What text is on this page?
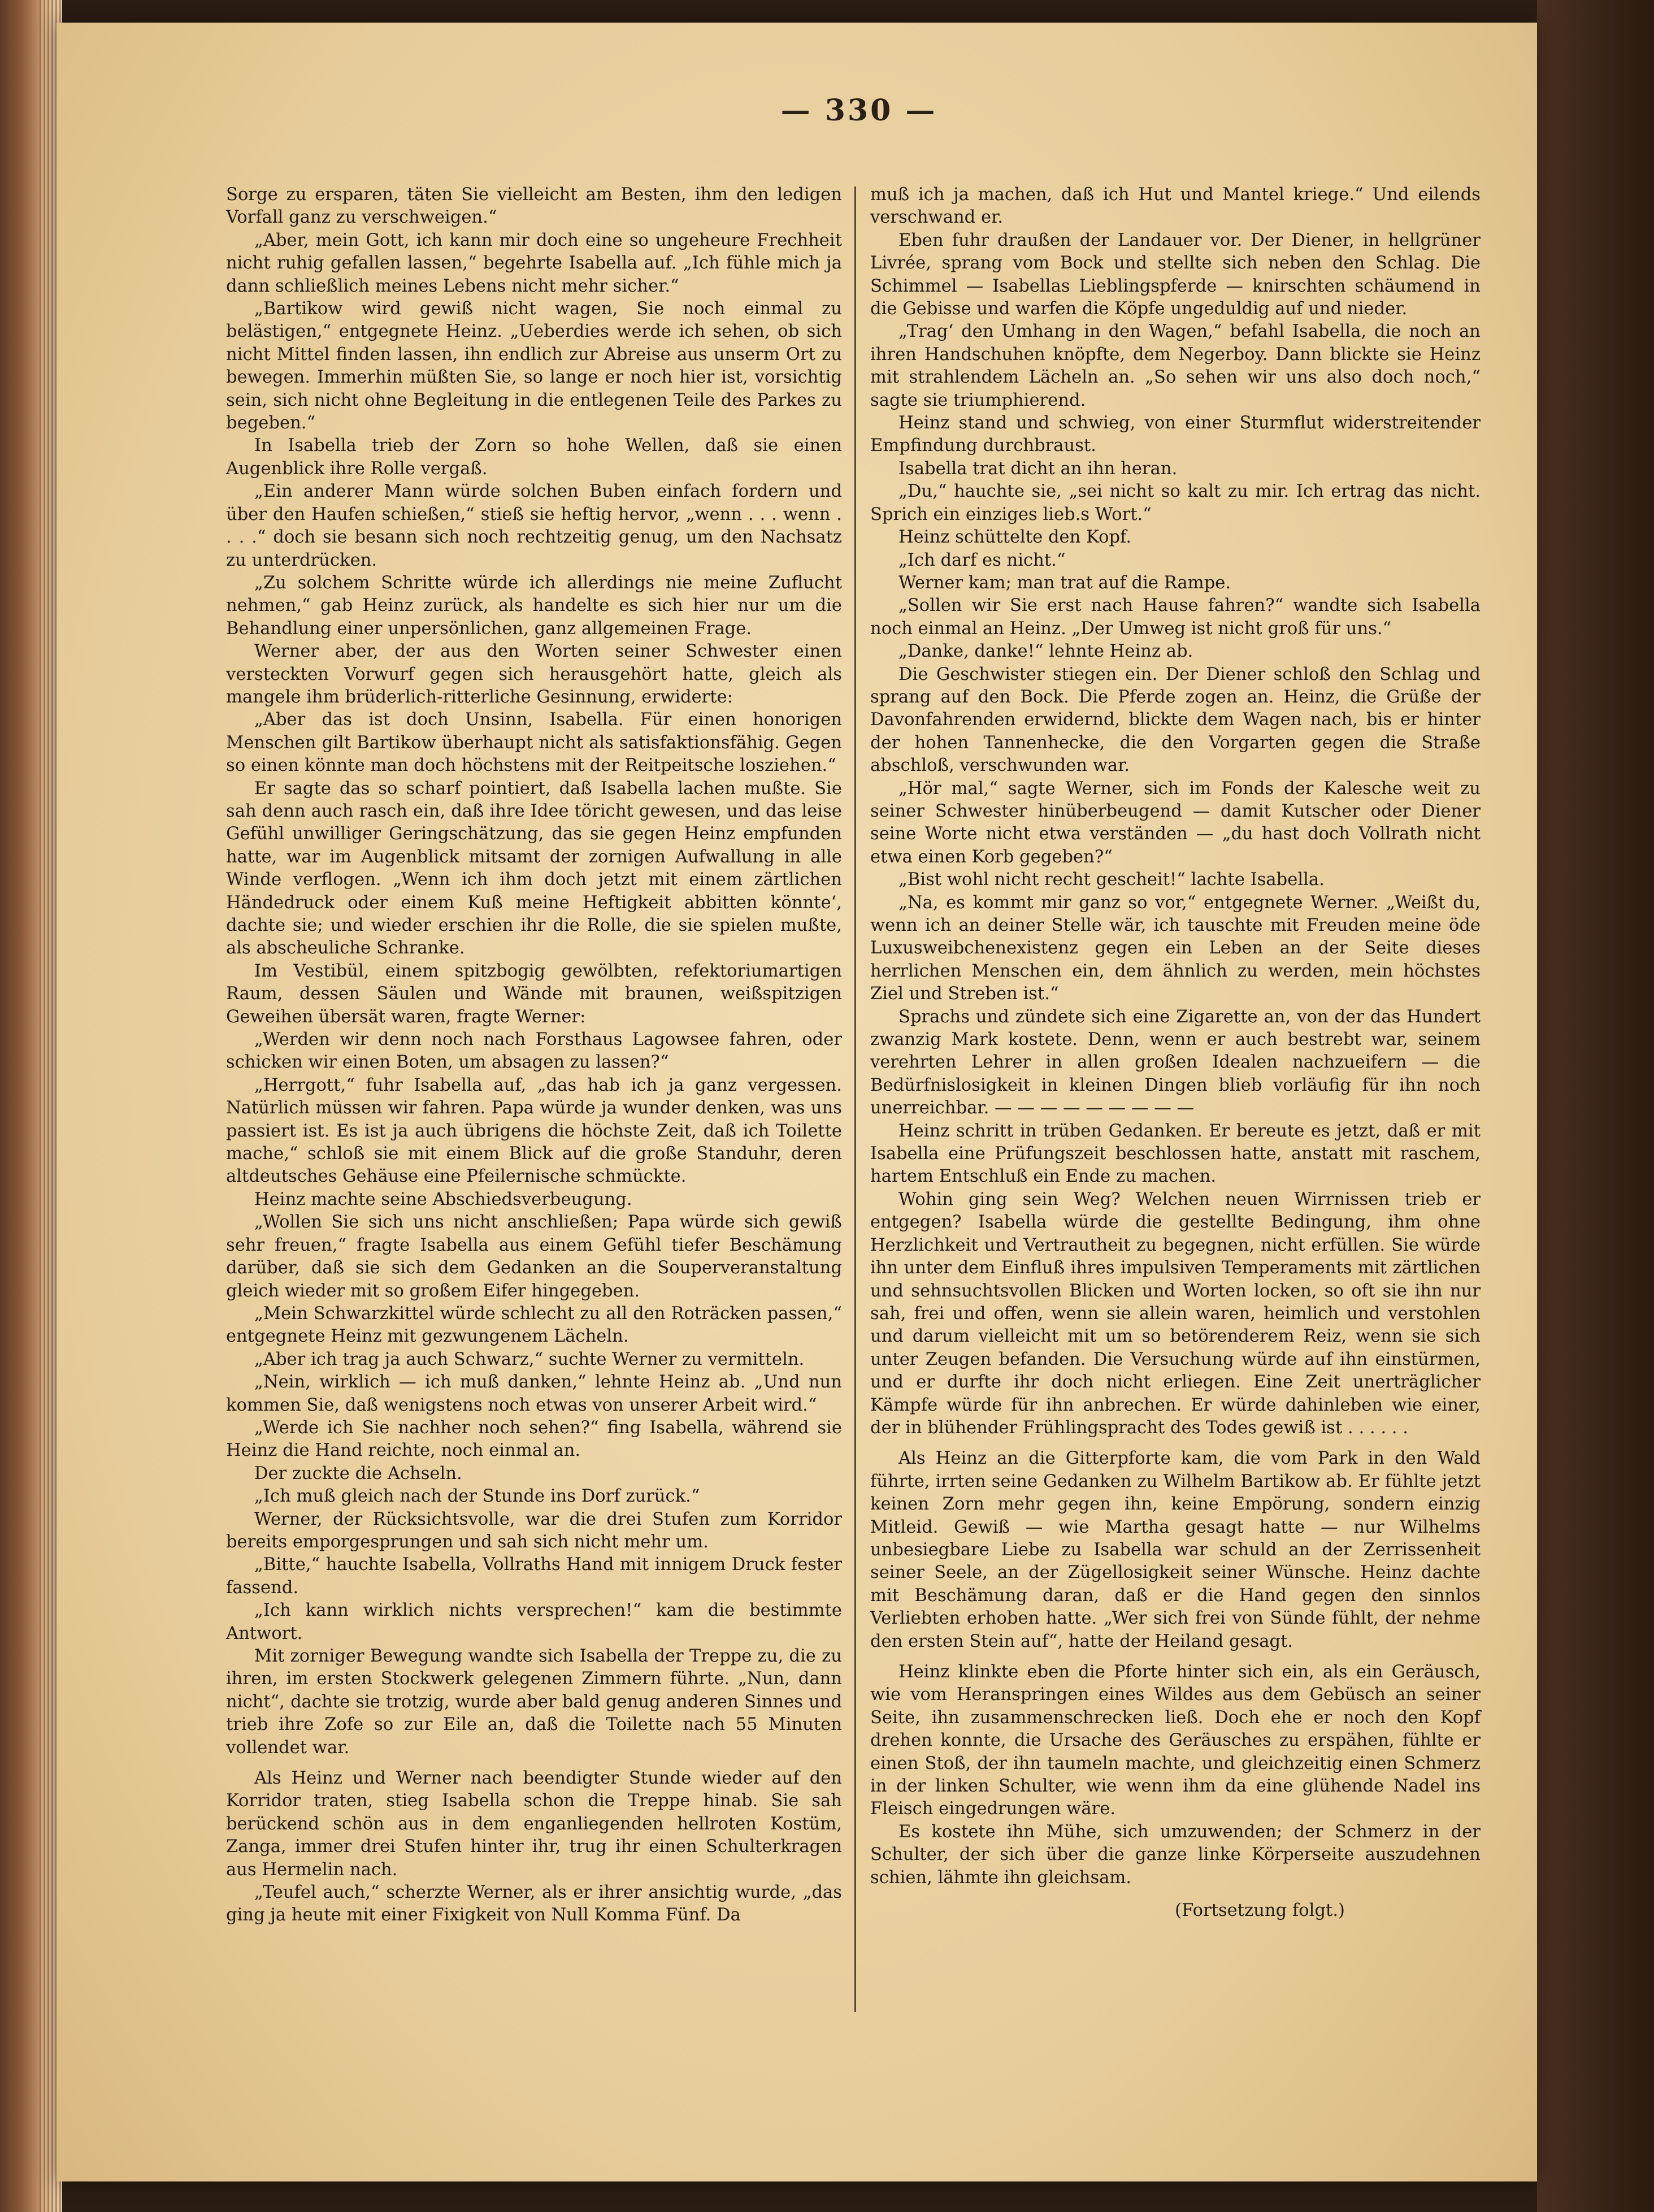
— 330 —

Sorge zu ersparen, täten Sie vielleicht am Besten, ihm den ledigen Vorfall ganz zu verschweigen.“

„Aber, mein Gott, ich kann mir doch eine so ungeheure Frechheit nicht ruhig gefallen lassen,“ begehrte Isabella auf. „Ich fühle mich ja dann schließlich meines Lebens nicht mehr sicher.“

„Bartikow wird gewiß nicht wagen, Sie noch einmal zu belästigen,“ entgegnete Heinz. „Ueberdies werde ich sehen, ob sich nicht Mittel finden lassen, ihn endlich zur Abreise aus unserm Ort zu bewegen. Immerhin müßten Sie, so lange er noch hier ist, vorsichtig sein, sich nicht ohne Begleitung in die entlegenen Teile des Parkes zu begeben.“

In Isabella trieb der Zorn so hohe Wellen, daß sie einen Augenblick ihre Rolle vergaß.

„Ein anderer Mann würde solchen Buben einfach fordern und über den Haufen schießen,“ stieß sie heftig hervor, „wenn . . . wenn . . . .“ doch sie besann sich noch rechtzeitig genug, um den Nachsatz zu unterdrücken.

„Zu solchem Schritte würde ich allerdings nie meine Zuflucht nehmen,“ gab Heinz zurück, als handelte es sich hier nur um die Behandlung einer unpersönlichen, ganz allgemeinen Frage.

Werner aber, der aus den Worten seiner Schwester einen versteckten Vorwurf gegen sich herausgehört hatte, gleich als mangele ihm brüderlich-ritterliche Gesinnung, erwiderte:

„Aber das ist doch Unsinn, Isabella. Für einen honorigen Menschen gilt Bartikow überhaupt nicht als satisfaktionsfähig. Gegen so einen könnte man doch höchstens mit der Reitpeitsche losziehen.“

Er sagte das so scharf pointiert, daß Isabella lachen mußte. Sie sah denn auch rasch ein, daß ihre Idee töricht gewesen, und das leise Gefühl unwilliger Geringschätzung, das sie gegen Heinz empfunden hatte, war im Augenblick mitsamt der zornigen Aufwallung in alle Winde verflogen. „Wenn ich ihm doch jetzt mit einem zärtlichen Händedruck oder einem Kuß meine Heftigkeit abbitten könnte‘, dachte sie; und wieder erschien ihr die Rolle, die sie spielen mußte, als abscheuliche Schranke.

Im Vestibül, einem spitzbogig gewölbten, refektoriumartigen Raum, dessen Säulen und Wände mit braunen, weißspitzigen Geweihen übersät waren, fragte Werner:

„Werden wir denn noch nach Forsthaus Lagowsee fahren, oder schicken wir einen Boten, um absagen zu lassen?“

„Herrgott,“ fuhr Isabella auf, „das hab ich ja ganz vergessen. Natürlich müssen wir fahren. Papa würde ja wunder denken, was uns passiert ist. Es ist ja auch übrigens die höchste Zeit, daß ich Toilette mache,“ schloß sie mit einem Blick auf die große Standuhr, deren altdeutsches Gehäuse eine Pfeilernische schmückte.

Heinz machte seine Abschiedsverbeugung.

„Wollen Sie sich uns nicht anschließen; Papa würde sich gewiß sehr freuen,“ fragte Isabella aus einem Gefühl tiefer Beschämung darüber, daß sie sich dem Gedanken an die Souperveranstaltung gleich wieder mit so großem Eifer hingegeben.

„Mein Schwarzkittel würde schlecht zu all den Roträcken passen,“ entgegnete Heinz mit gezwungenem Lächeln.

„Aber ich trag ja auch Schwarz,“ suchte Werner zu vermitteln.

„Nein, wirklich — ich muß danken,“ lehnte Heinz ab. „Und nun kommen Sie, daß wenigstens noch etwas von unserer Arbeit wird.“

„Werde ich Sie nachher noch sehen?“ fing Isabella, während sie Heinz die Hand reichte, noch einmal an.

Der zuckte die Achseln.

„Ich muß gleich nach der Stunde ins Dorf zurück.“

Werner, der Rücksichtsvolle, war die drei Stufen zum Korridor bereits emporgesprungen und sah sich nicht mehr um.

„Bitte,“ hauchte Isabella, Vollraths Hand mit innigem Druck fester fassend.

„Ich kann wirklich nichts versprechen!“ kam die bestimmte Antwort.

Mit zorniger Bewegung wandte sich Isabella der Treppe zu, die zu ihren, im ersten Stockwerk gelegenen Zimmern führte. „Nun, dann nicht“, dachte sie trotzig, wurde aber bald genug anderen Sinnes und trieb ihre Zofe so zur Eile an, daß die Toilette nach 55 Minuten vollendet war.

Als Heinz und Werner nach beendigter Stunde wieder auf den Korridor traten, stieg Isabella schon die Treppe hinab. Sie sah berückend schön aus in dem enganliegenden hellroten Kostüm, Zanga, immer drei Stufen hinter ihr, trug ihr einen Schulterkragen aus Hermelin nach.

„Teufel auch,“ scherzte Werner, als er ihrer ansichtig wurde, „das ging ja heute mit einer Fixigkeit von Null Komma Fünf. Da

muß ich ja machen, daß ich Hut und Mantel kriege.“ Und eilends verschwand er.

Eben fuhr draußen der Landauer vor. Der Diener, in hellgrüner Livrée, sprang vom Bock und stellte sich neben den Schlag. Die Schimmel — Isabellas Lieblingspferde — knirschten schäumend in die Gebisse und warfen die Köpfe ungeduldig auf und nieder.

„Trag‘ den Umhang in den Wagen,“ befahl Isabella, die noch an ihren Handschuhen knöpfte, dem Negerboy. Dann blickte sie Heinz mit strahlendem Lächeln an. „So sehen wir uns also doch noch,“ sagte sie triumphierend.

Heinz stand und schwieg, von einer Sturmflut widerstreitender Empfindung durchbraust.

Isabella trat dicht an ihn heran.

„Du,“ hauchte sie, „sei nicht so kalt zu mir. Ich ertrag das nicht. Sprich ein einziges lieb.s Wort.“

Heinz schüttelte den Kopf.

„Ich darf es nicht.“

Werner kam; man trat auf die Rampe.

„Sollen wir Sie erst nach Hause fahren?“ wandte sich Isabella noch einmal an Heinz. „Der Umweg ist nicht groß für uns.“

„Danke, danke!“ lehnte Heinz ab.

Die Geschwister stiegen ein. Der Diener schloß den Schlag und sprang auf den Bock. Die Pferde zogen an. Heinz, die Grüße der Davonfahrenden erwidernd, blickte dem Wagen nach, bis er hinter der hohen Tannenhecke, die den Vorgarten gegen die Straße abschloß, verschwunden war.

„Hör mal,“ sagte Werner, sich im Fonds der Kalesche weit zu seiner Schwester hinüberbeugend — damit Kutscher oder Diener seine Worte nicht etwa verständen — „du hast doch Vollrath nicht etwa einen Korb gegeben?“

„Bist wohl nicht recht gescheit!“ lachte Isabella.

„Na, es kommt mir ganz so vor,“ entgegnete Werner. „Weißt du, wenn ich an deiner Stelle wär, ich tauschte mit Freuden meine öde Luxusweibchenexistenz gegen ein Leben an der Seite dieses herrlichen Menschen ein, dem ähnlich zu werden, mein höchstes Ziel und Streben ist.“

Sprachs und zündete sich eine Zigarette an, von der das Hundert zwanzig Mark kostete. Denn, wenn er auch bestrebt war, seinem verehrten Lehrer in allen großen Idealen nachzueifern — die Bedürfnislosigkeit in kleinen Dingen blieb vorläufig für ihn noch unerreichbar. — — — — — — — — —

Heinz schritt in trüben Gedanken. Er bereute es jetzt, daß er mit Isabella eine Prüfungszeit beschlossen hatte, anstatt mit raschem, hartem Entschluß ein Ende zu machen.

Wohin ging sein Weg? Welchen neuen Wirrnissen trieb er entgegen? Isabella würde die gestellte Bedingung, ihm ohne Herzlichkeit und Vertrautheit zu begegnen, nicht erfüllen. Sie würde ihn unter dem Einfluß ihres impulsiven Temperaments mit zärtlichen und sehnsuchtsvollen Blicken und Worten locken, so oft sie ihn nur sah, frei und offen, wenn sie allein waren, heimlich und verstohlen und darum vielleicht mit um so betörenderem Reiz, wenn sie sich unter Zeugen befanden. Die Versuchung würde auf ihn einstürmen, und er durfte ihr doch nicht erliegen. Eine Zeit unerträglicher Kämpfe würde für ihn anbrechen. Er würde dahinleben wie einer, der in blühender Frühlingspracht des Todes gewiß ist . . . . . .

Als Heinz an die Gitterpforte kam, die vom Park in den Wald führte, irrten seine Gedanken zu Wilhelm Bartikow ab. Er fühlte jetzt keinen Zorn mehr gegen ihn, keine Empörung, sondern einzig Mitleid. Gewiß — wie Martha gesagt hatte — nur Wilhelms unbesiegbare Liebe zu Isabella war schuld an der Zerrissenheit seiner Seele, an der Zügellosigkeit seiner Wünsche. Heinz dachte mit Beschämung daran, daß er die Hand gegen den sinnlos Verliebten erhoben hatte. „Wer sich frei von Sünde fühlt, der nehme den ersten Stein auf“, hatte der Heiland gesagt.

Heinz klinkte eben die Pforte hinter sich ein, als ein Geräusch, wie vom Heranspringen eines Wildes aus dem Gebüsch an seiner Seite, ihn zusammenschrecken ließ. Doch ehe er noch den Kopf drehen konnte, die Ursache des Geräusches zu erspähen, fühlte er einen Stoß, der ihn taumeln machte, und gleichzeitig einen Schmerz in der linken Schulter, wie wenn ihm da eine glühende Nadel ins Fleisch eingedrungen wäre.

Es kostete ihn Mühe, sich umzuwenden; der Schmerz in der Schulter, der sich über die ganze linke Körperseite auszudehnen schien, lähmte ihn gleichsam.

(Fortsetzung folgt.)
